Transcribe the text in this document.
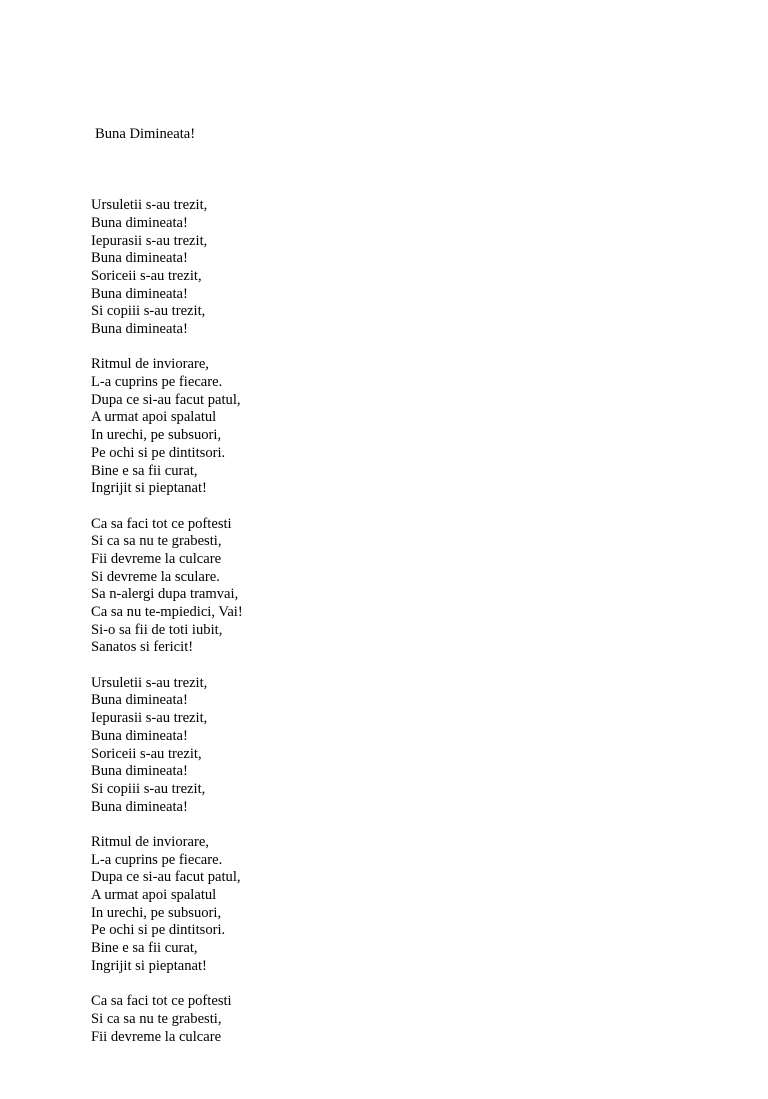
Buna Dimineata!

Ursuletii s-au trezit,
Buna dimineata!
Iepurasii s-au trezit,
Buna dimineata!
Soriceii s-au trezit,
Buna dimineata!
Si copiii s-au trezit,
Buna dimineata!
Ritmul de inviorare,
L-a cuprins pe fiecare.
Dupa ce si-au facut patul,
A urmat apoi spalatul
In urechi, pe subsuori,
Pe ochi si pe dintitsori.
Bine e sa fii curat,
Ingrijit si pieptanat!
Ca sa faci tot ce poftesti
Si ca sa nu te grabesti,
Fii devreme la culcare
Si devreme la sculare.
Sa n-alergi dupa tramvai,
Ca sa nu te-mpiedici, Vai!
Si-o sa fii de toti iubit,
Sanatos si fericit!
Ursuletii s-au trezit,
Buna dimineata!
Iepurasii s-au trezit,
Buna dimineata!
Soriceii s-au trezit,
Buna dimineata!
Si copiii s-au trezit,
Buna dimineata!
Ritmul de inviorare,
L-a cuprins pe fiecare.
Dupa ce si-au facut patul,
A urmat apoi spalatul
In urechi, pe subsuori,
Pe ochi si pe dintitsori.
Bine e sa fii curat,
Ingrijit si pieptanat!
Ca sa faci tot ce poftesti
Si ca sa nu te grabesti,
Fii devreme la culcare
